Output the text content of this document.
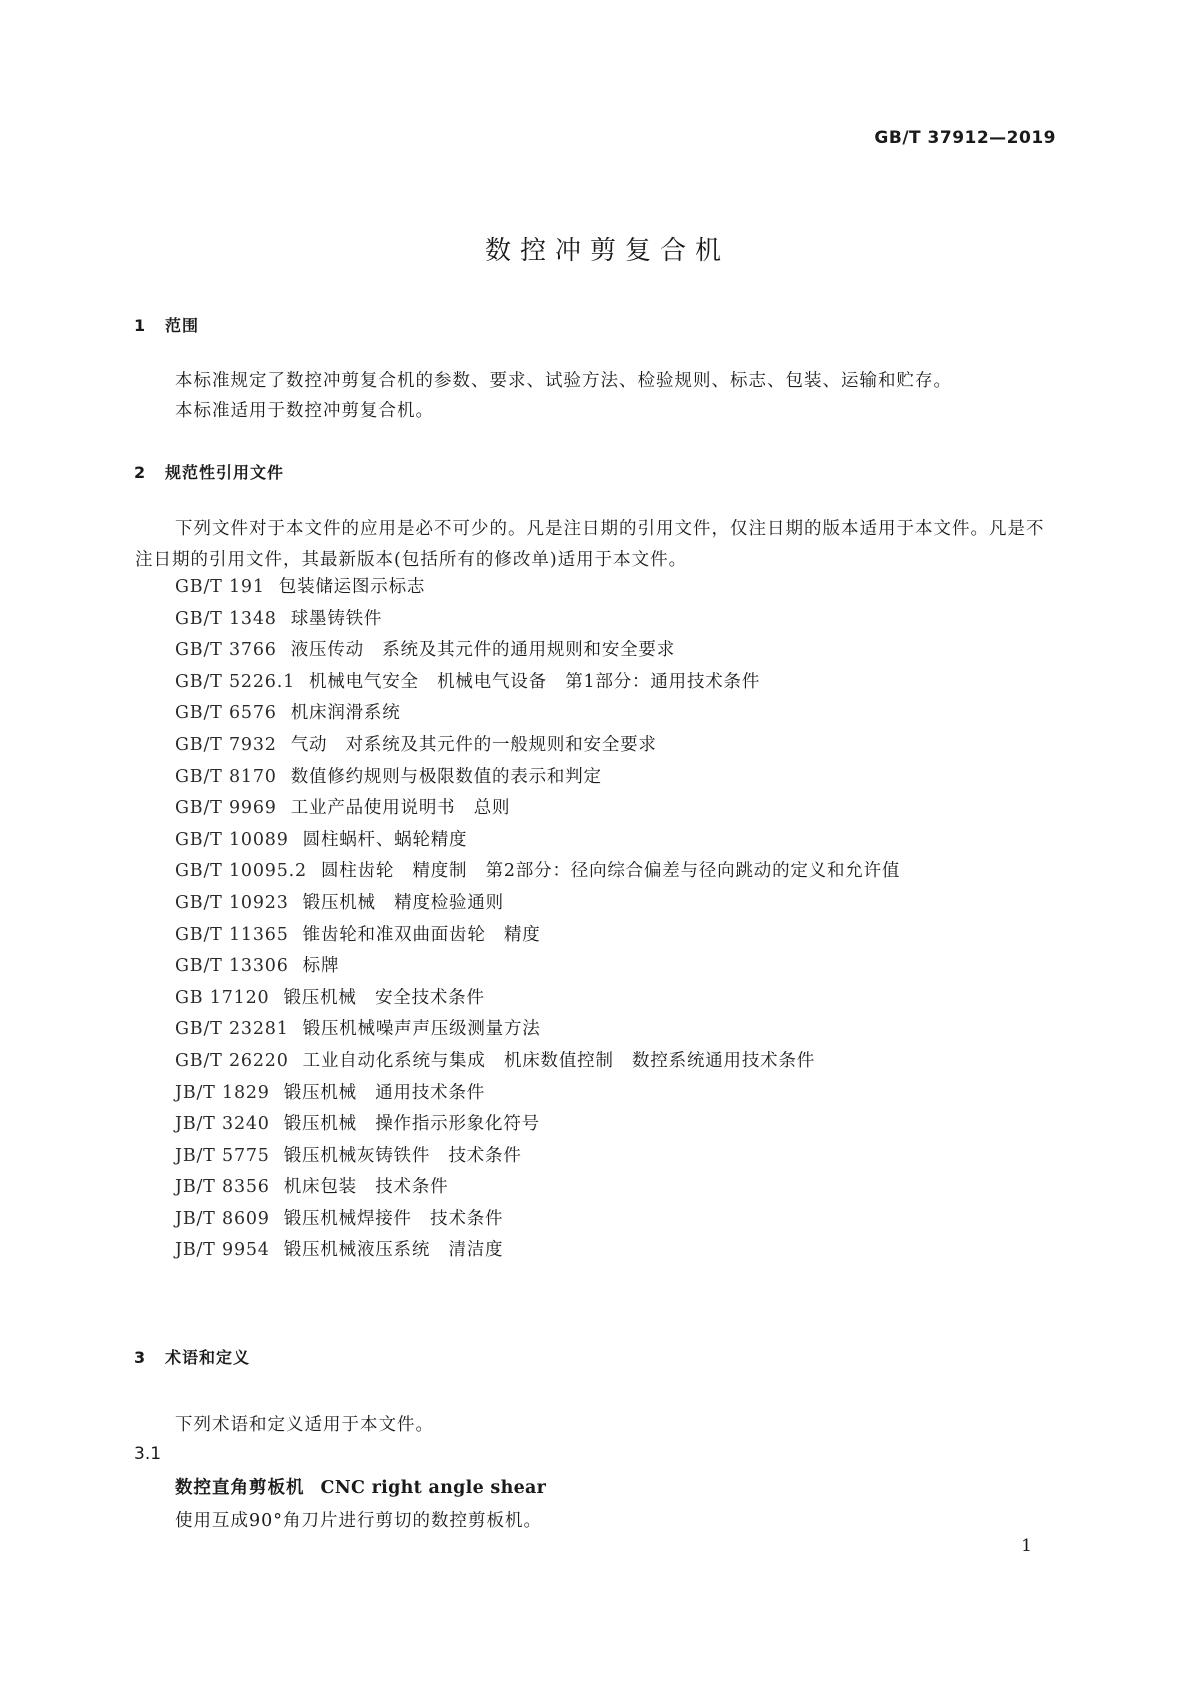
GB/T 37912—2019
数控冲剪复合机
1 范围
本标准规定了数控冲剪复合机的参数、要求、试验方法、检验规则、标志、包装、运输和贮存。
本标准适用于数控冲剪复合机。
2 规范性引用文件
下列文件对于本文件的应用是必不可少的。凡是注日期的引用文件，仅注日期的版本适用于本文件。凡是不注日期的引用文件，其最新版本(包括所有的修改单)适用于本文件。
GB/T 191 包装储运图示标志
GB/T 1348 球墨铸铁件
GB/T 3766 液压传动　系统及其元件的通用规则和安全要求
GB/T 5226.1 机械电气安全　机械电气设备　第1部分：通用技术条件
GB/T 6576 机床润滑系统
GB/T 7932 气动　对系统及其元件的一般规则和安全要求
GB/T 8170 数值修约规则与极限数值的表示和判定
GB/T 9969 工业产品使用说明书　总则
GB/T 10089 圆柱蜗杆、蜗轮精度
GB/T 10095.2 圆柱齿轮　精度制　第2部分：径向综合偏差与径向跳动的定义和允许值
GB/T 10923 锻压机械　精度检验通则
GB/T 11365 锥齿轮和准双曲面齿轮　精度
GB/T 13306 标牌
GB 17120 锻压机械　安全技术条件
GB/T 23281 锻压机械噪声声压级测量方法
GB/T 26220 工业自动化系统与集成　机床数值控制　数控系统通用技术条件
JB/T 1829 锻压机械　通用技术条件
JB/T 3240 锻压机械　操作指示形象化符号
JB/T 5775 锻压机械灰铸铁件　技术条件
JB/T 8356 机床包装　技术条件
JB/T 8609 锻压机械焊接件　技术条件
JB/T 9954 锻压机械液压系统　清洁度
3 术语和定义
下列术语和定义适用于本文件。
3.1
数控直角剪板机 CNC right angle shear
使用互成90°角刀片进行剪切的数控剪板机。
1
